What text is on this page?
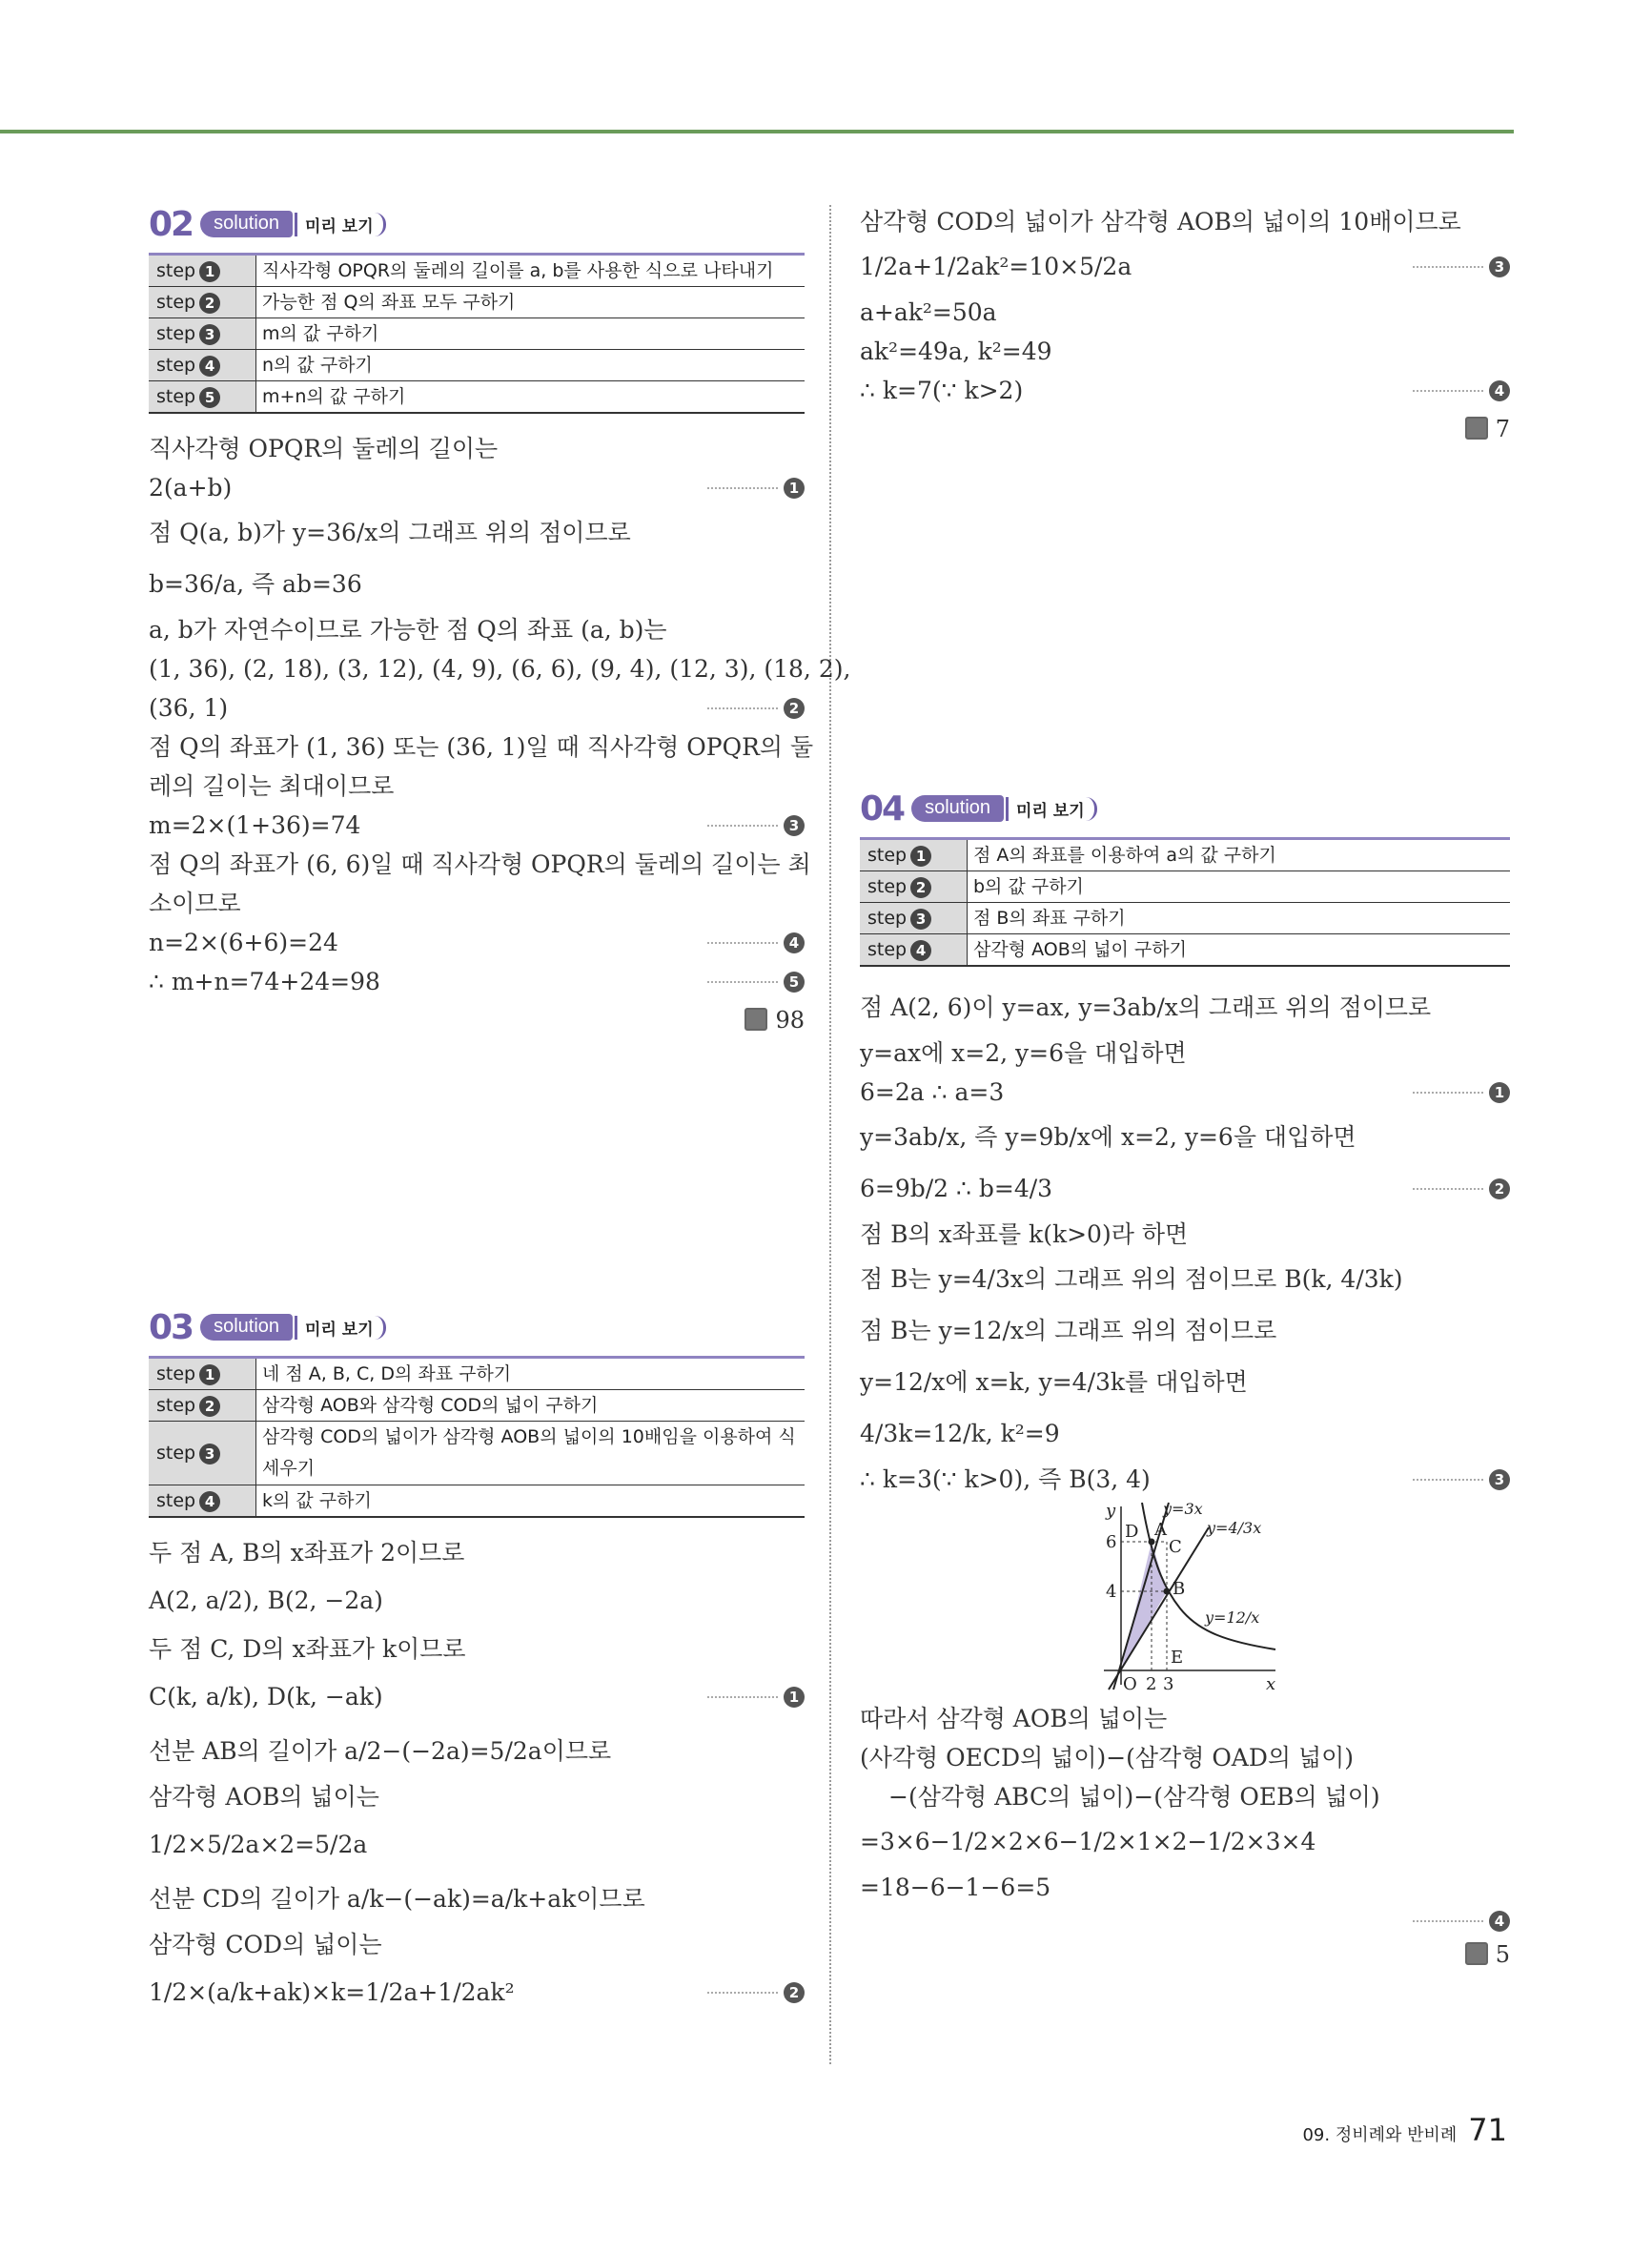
02	solution	미리 보기
step 1	직사각형 OPQR의 둘레의 길이를 a, b를 사용한 식으로 나타내기
step 2	가능한 점 Q의 좌표 모두 구하기
step 3	m의 값 구하기
step 4	n의 값 구하기
step 5	m+n의 값 구하기
직사각형 OPQR의 둘레의 길이는
2(a+b)	1
점 Q(a, b)가 y=36/x의 그래프 위의 점이므로
b=36/a, 즉 ab=36
a, b가 자연수이므로 가능한 점 Q의 좌표 (a, b)는
(1, 36), (2, 18), (3, 12), (4, 9), (6, 6), (9, 4), (12, 3), (18, 2),
(36, 1)	2
점 Q의 좌표가 (1, 36) 또는 (36, 1)일 때 직사각형 OPQR의 둘
레의 길이는 최대이므로
m=2×(1+36)=74	3
점 Q의 좌표가 (6, 6)일 때 직사각형 OPQR의 둘레의 길이는 최
소이므로
n=2×(6+6)=24	4
∴ m+n=74+24=98	5
98
03	solution	미리 보기
step 1	네 점 A, B, C, D의 좌표 구하기
step 2	삼각형 AOB와 삼각형 COD의 넓이 구하기
step 3	삼각형 COD의 넓이가 삼각형 AOB의 넓이의 10배임을 이용하여 식 세우기
step 4	k의 값 구하기
두 점 A, B의 x좌표가 2이므로
A(2, a/2), B(2, −2a)
두 점 C, D의 x좌표가 k이므로
C(k, a/k), D(k, −ak)	1
선분 AB의 길이가 a/2−(−2a)=5/2a이므로
삼각형 AOB의 넓이는
1/2×5/2a×2=5/2a
선분 CD의 길이가 a/k−(−ak)=a/k+ak이므로
삼각형 COD의 넓이는
1/2×(a/k+ak)×k=1/2a+1/2ak²	2
삼각형 COD의 넓이가 삼각형 AOB의 넓이의 10배이므로
1/2a+1/2ak²=10×5/2a	3
a+ak²=50a
ak²=49a, k²=49
∴ k=7(∵ k>2)	4
7
04	solution	미리 보기
step 1	점 A의 좌표를 이용하여 a의 값 구하기
step 2	b의 값 구하기
step 3	점 B의 좌표 구하기
step 4	삼각형 AOB의 넓이 구하기
점 A(2, 6)이 y=ax, y=3ab/x의 그래프 위의 점이므로
y=ax에 x=2, y=6을 대입하면
6=2a ∴ a=3	1
y=3ab/x, 즉 y=9b/x에 x=2, y=6을 대입하면
6=9b/2 ∴ b=4/3	2
점 B의 x좌표를 k(k>0)라 하면
점 B는 y=4/3x의 그래프 위의 점이므로 B(k, 4/3k)
점 B는 y=12/x의 그래프 위의 점이므로
y=12/x에 x=k, y=4/3k를 대입하면
4/3k=12/k, k²=9
∴ k=3(∵ k>0), 즉 B(3, 4)	3
y
x
O
6
4
2 3
D A
C
B
E
y=3x
y=4/3x
y=12/x
따라서 삼각형 AOB의 넓이는
(사각형 OECD의 넓이)−(삼각형 OAD의 넓이)
−(삼각형 ABC의 넓이)−(삼각형 OEB의 넓이)
=3×6−1/2×2×6−1/2×1×2−1/2×3×4
=18−6−1−6=5
4
5
09. 정비례와 반비례 71
